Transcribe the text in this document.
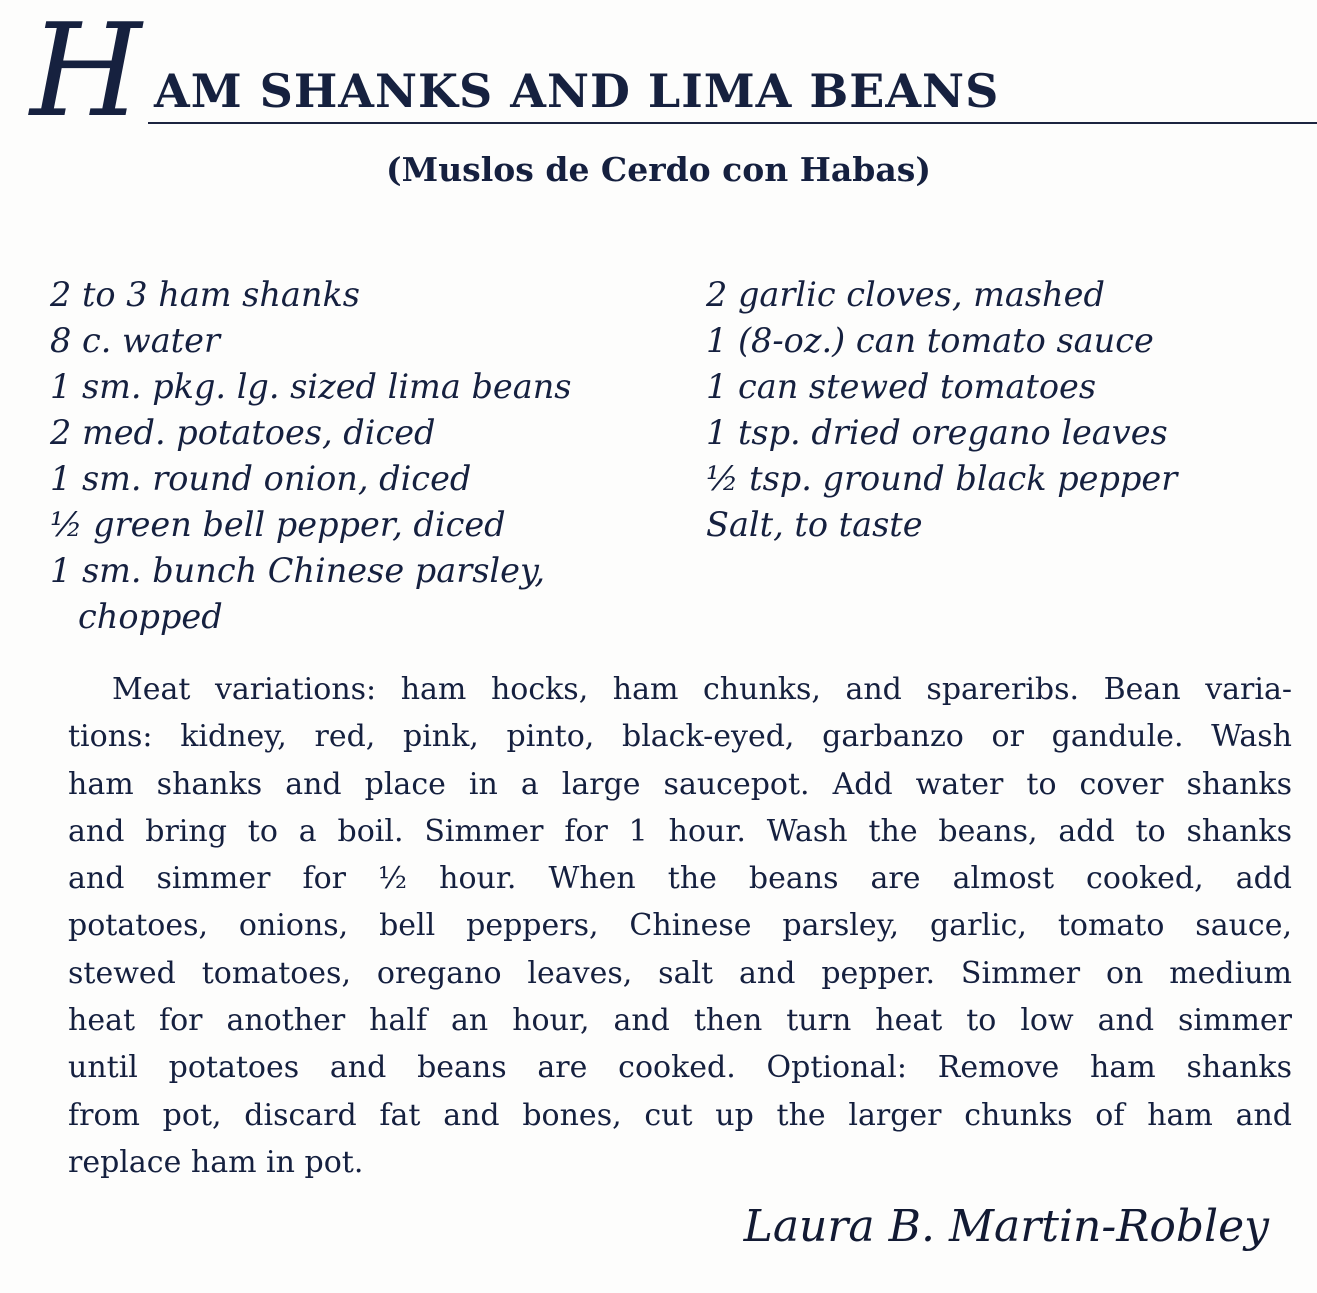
H AM SHANKS AND LIMA BEANS
(Muslos de Cerdo con Habas)
2 to 3 ham shanks
8 c. water
1 sm. pkg. lg. sized lima beans
2 med. potatoes, diced
1 sm. round onion, diced
½ green bell pepper, diced
1 sm. bunch Chinese parsley,
chopped
2 garlic cloves, mashed
1 (8-oz.) can tomato sauce
1 can stewed tomatoes
1 tsp. dried oregano leaves
½ tsp. ground black pepper
Salt, to taste
Meat variations: ham hocks, ham chunks, and spareribs. Bean varia-
tions: kidney, red, pink, pinto, black-eyed, garbanzo or gandule. Wash
ham shanks and place in a large saucepot. Add water to cover shanks
and bring to a boil. Simmer for 1 hour. Wash the beans, add to shanks
and simmer for ½ hour. When the beans are almost cooked, add
potatoes, onions, bell peppers, Chinese parsley, garlic, tomato sauce,
stewed tomatoes, oregano leaves, salt and pepper. Simmer on medium
heat for another half an hour, and then turn heat to low and simmer
until potatoes and beans are cooked. Optional: Remove ham shanks
from pot, discard fat and bones, cut up the larger chunks of ham and
replace ham in pot.
Laura B. Martin-Robley
